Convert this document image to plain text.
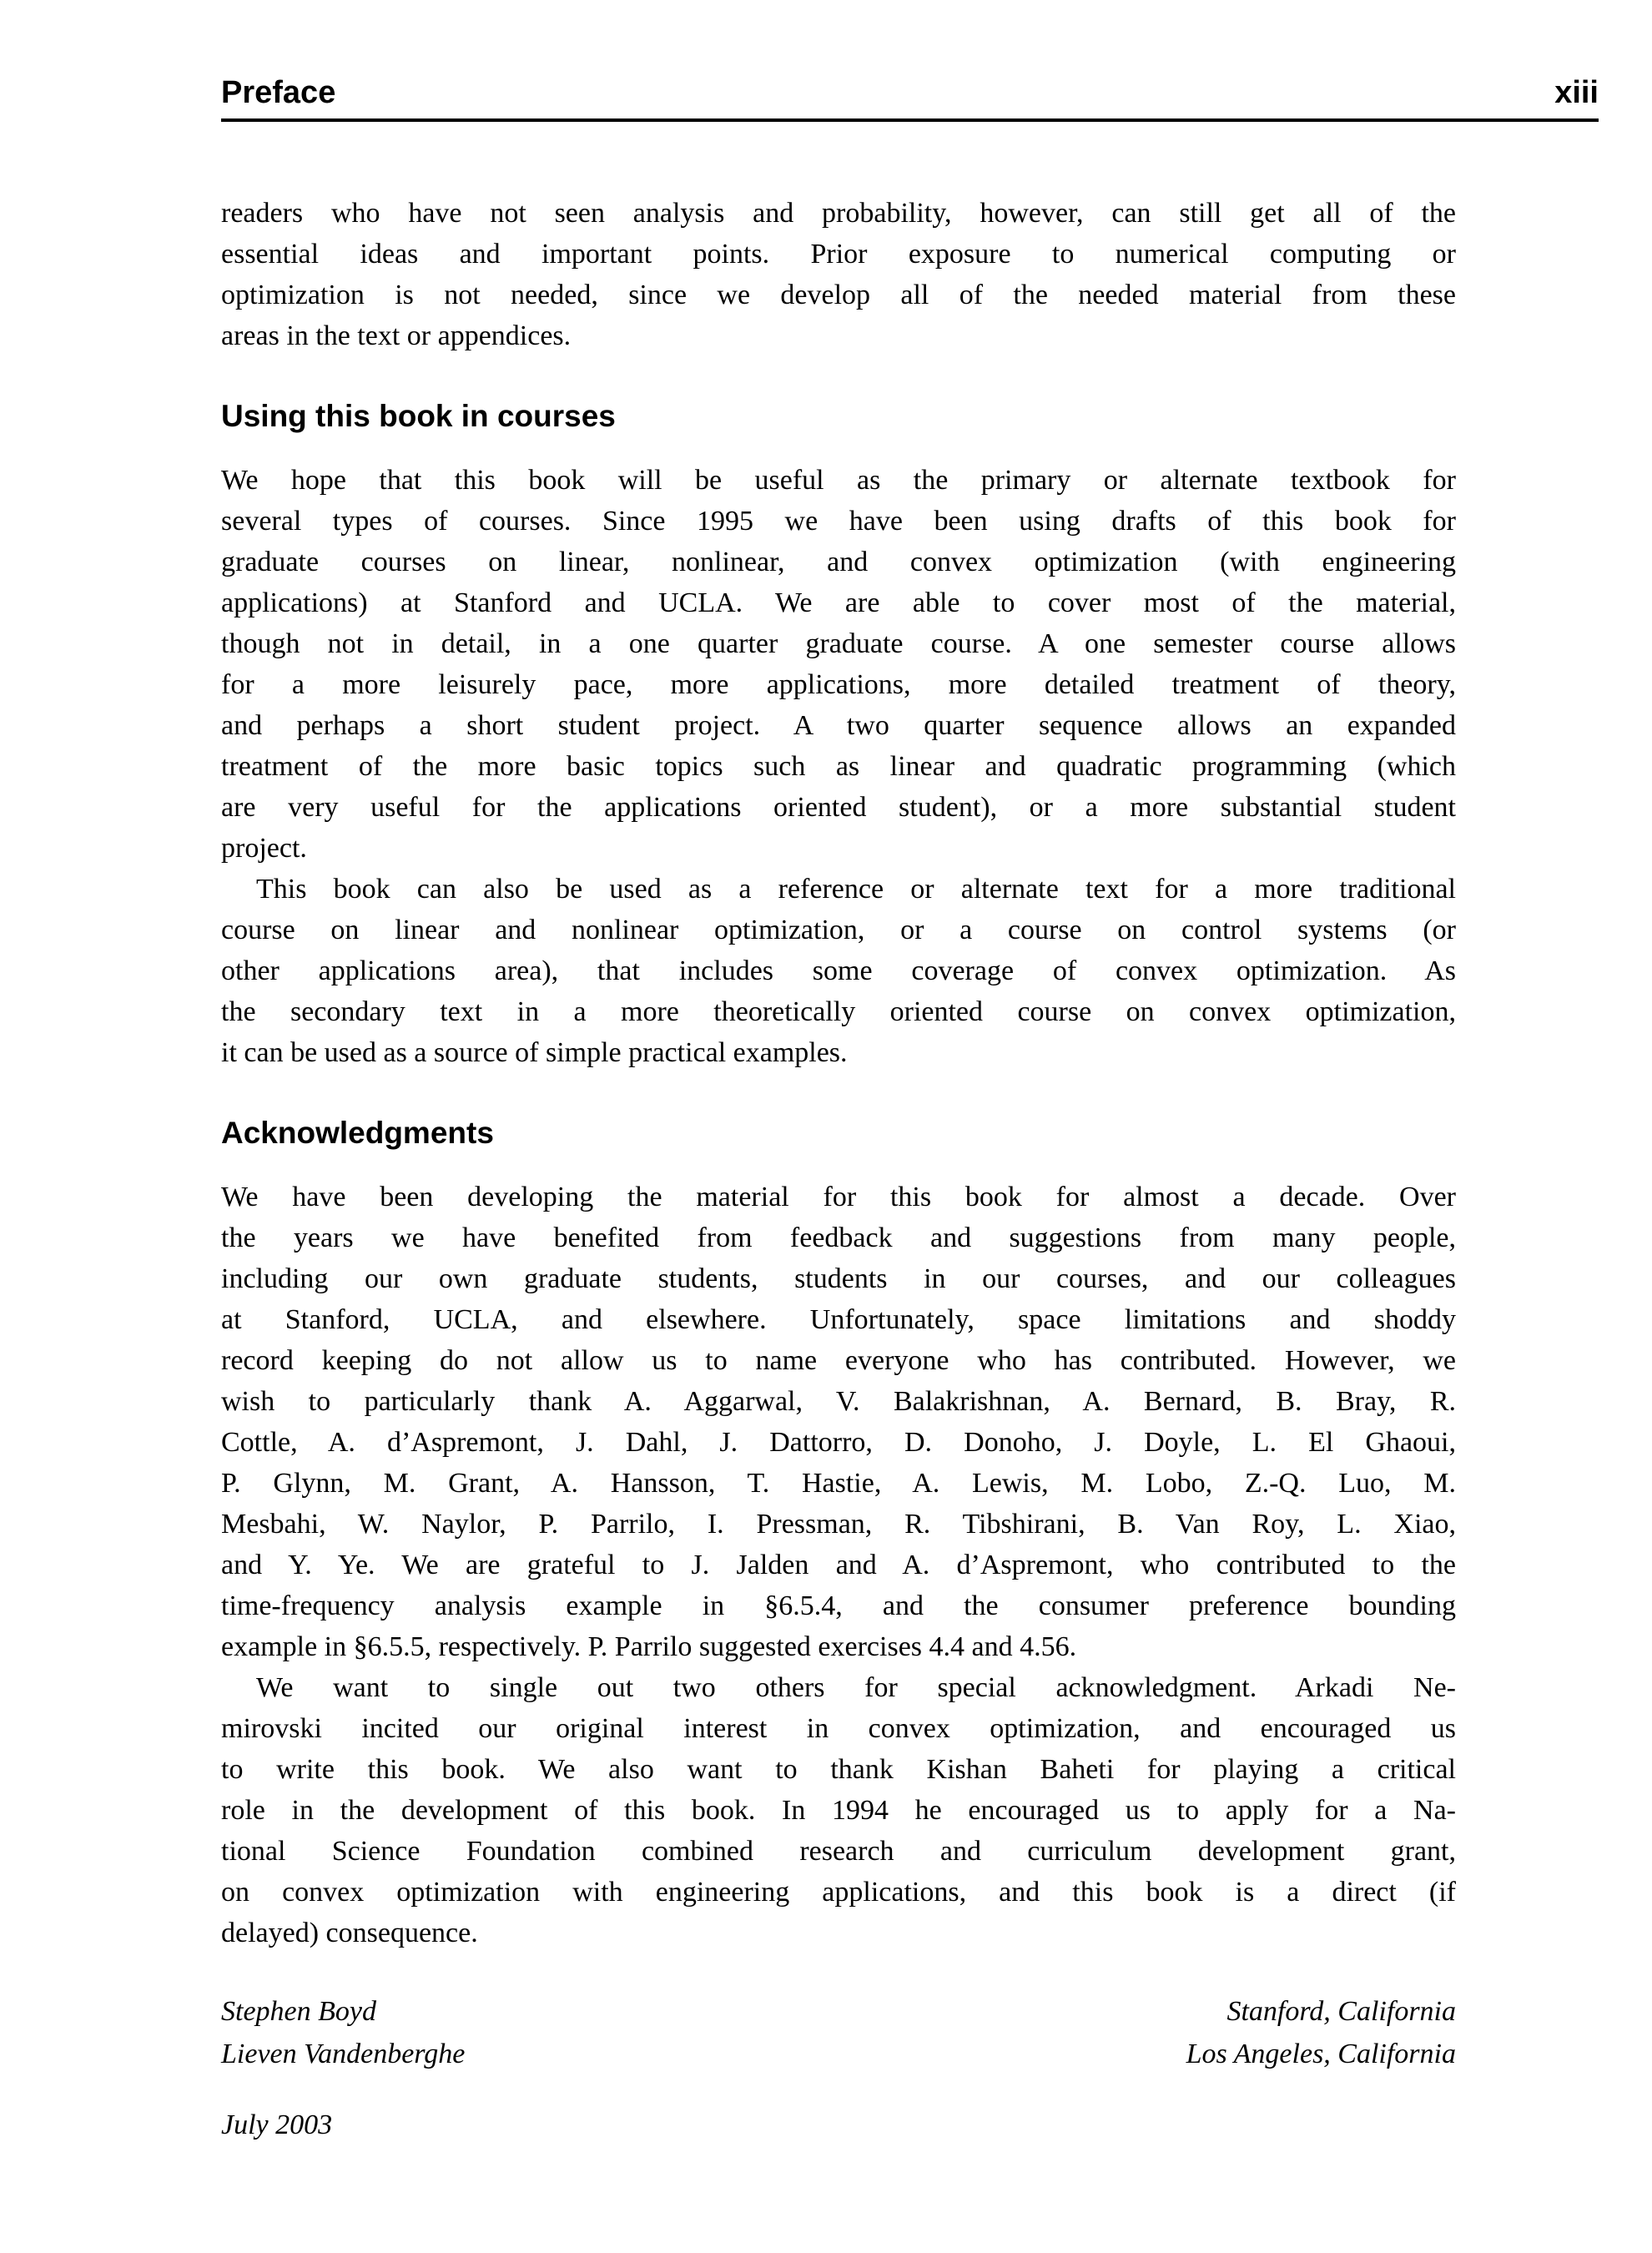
Preface	xiii
readers who have not seen analysis and probability, however, can still get all of the
essential ideas and important points. Prior exposure to numerical computing or
optimization is not needed, since we develop all of the needed material from these
areas in the text or appendices.
Using this book in courses
We hope that this book will be useful as the primary or alternate textbook for
several types of courses. Since 1995 we have been using drafts of this book for
graduate courses on linear, nonlinear, and convex optimization (with engineering
applications) at Stanford and UCLA. We are able to cover most of the material,
though not in detail, in a one quarter graduate course. A one semester course allows
for a more leisurely pace, more applications, more detailed treatment of theory,
and perhaps a short student project. A two quarter sequence allows an expanded
treatment of the more basic topics such as linear and quadratic programming (which
are very useful for the applications oriented student), or a more substantial student
project.
This book can also be used as a reference or alternate text for a more traditional
course on linear and nonlinear optimization, or a course on control systems (or
other applications area), that includes some coverage of convex optimization. As
the secondary text in a more theoretically oriented course on convex optimization,
it can be used as a source of simple practical examples.
Acknowledgments
We have been developing the material for this book for almost a decade. Over
the years we have benefited from feedback and suggestions from many people,
including our own graduate students, students in our courses, and our colleagues
at Stanford, UCLA, and elsewhere. Unfortunately, space limitations and shoddy
record keeping do not allow us to name everyone who has contributed. However, we
wish to particularly thank A. Aggarwal, V. Balakrishnan, A. Bernard, B. Bray, R.
Cottle, A. d’Aspremont, J. Dahl, J. Dattorro, D. Donoho, J. Doyle, L. El Ghaoui,
P. Glynn, M. Grant, A. Hansson, T. Hastie, A. Lewis, M. Lobo, Z.-Q. Luo, M.
Mesbahi, W. Naylor, P. Parrilo, I. Pressman, R. Tibshirani, B. Van Roy, L. Xiao,
and Y. Ye. We are grateful to J. Jalden and A. d’Aspremont, who contributed to the
time-frequency analysis example in §6.5.4, and the consumer preference bounding
example in §6.5.5, respectively. P. Parrilo suggested exercises 4.4 and 4.56.
We want to single out two others for special acknowledgment. Arkadi Ne-
mirovski incited our original interest in convex optimization, and encouraged us
to write this book. We also want to thank Kishan Baheti for playing a critical
role in the development of this book. In 1994 he encouraged us to apply for a Na-
tional Science Foundation combined research and curriculum development grant,
on convex optimization with engineering applications, and this book is a direct (if
delayed) consequence.
Stephen Boyd	Stanford, California
Lieven Vandenberghe	Los Angeles, California
July 2003
